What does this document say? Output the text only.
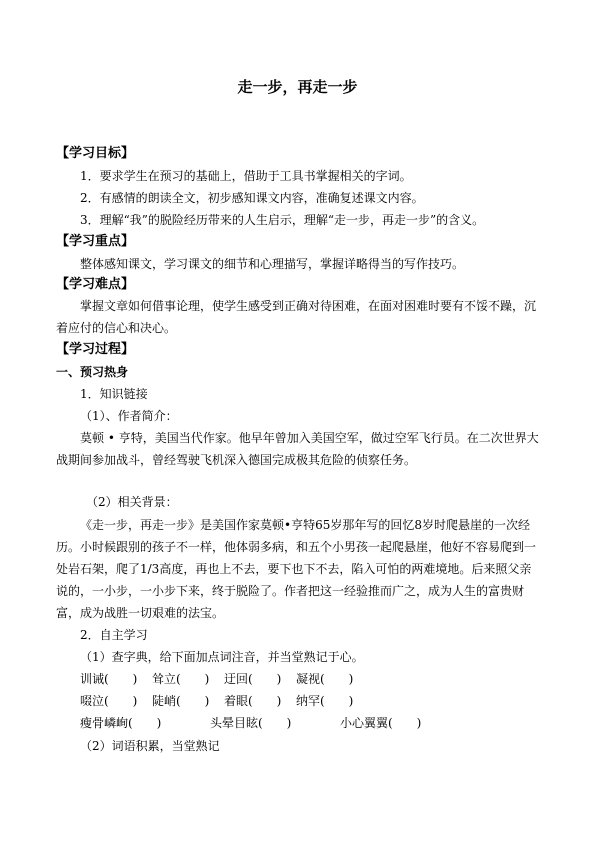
走一步，再走一步
【学习目标】
1．要求学生在预习的基础上，借助于工具书掌握相关的字词。
2．有感情的朗读全文，初步感知课文内容，准确复述课文内容。
3．理解“我”的脱险经历带来的人生启示，理解“走一步，再走一步”的含义。
【学习重点】
整体感知课文，学习课文的细节和心理描写，掌握详略得当的写作技巧。
【学习难点】
掌握文章如何借事论理，使学生感受到正确对待困难，在面对困难时要有不馁不躁，沉
着应付的信心和决心。
【学习过程】
一、预习热身
1．知识链接
（1）、作者简介：
莫顿 • 亨特，美国当代作家。他早年曾加入美国空军，做过空军飞行员。在二次世界大
战期间参加战斗，曾经驾驶飞机深入德国完成极其危险的侦察任务。
（2）相关背景：
《走一步，再走一步》是美国作家莫顿•亨特65岁那年写的回忆8岁时爬悬崖的一次经
历。小时候跟别的孩子不一样，他体弱多病，和五个小男孩一起爬悬崖，他好不容易爬到一
处岩石架，爬了1/3高度，再也上不去，要下也下不去，陷入可怕的两难境地。后来照父亲
说的，一小步，一小步下来，终于脱险了。作者把这一经验推而广之，成为人生的富贵财
富，成为战胜一切艰难的法宝。
2．自主学习
（1）查字典，给下面加点词注音，并当堂熟记于心。
训诫(　　) 耸立(　　) 迂回(　　) 凝视(　　)
啜泣(　　) 陡峭(　　) 着眼(　　) 纳罕(　　)
瘦骨嶙峋(　　)	头晕目眩(　　)	小心翼翼(　　)
（2）词语积累，当堂熟记
